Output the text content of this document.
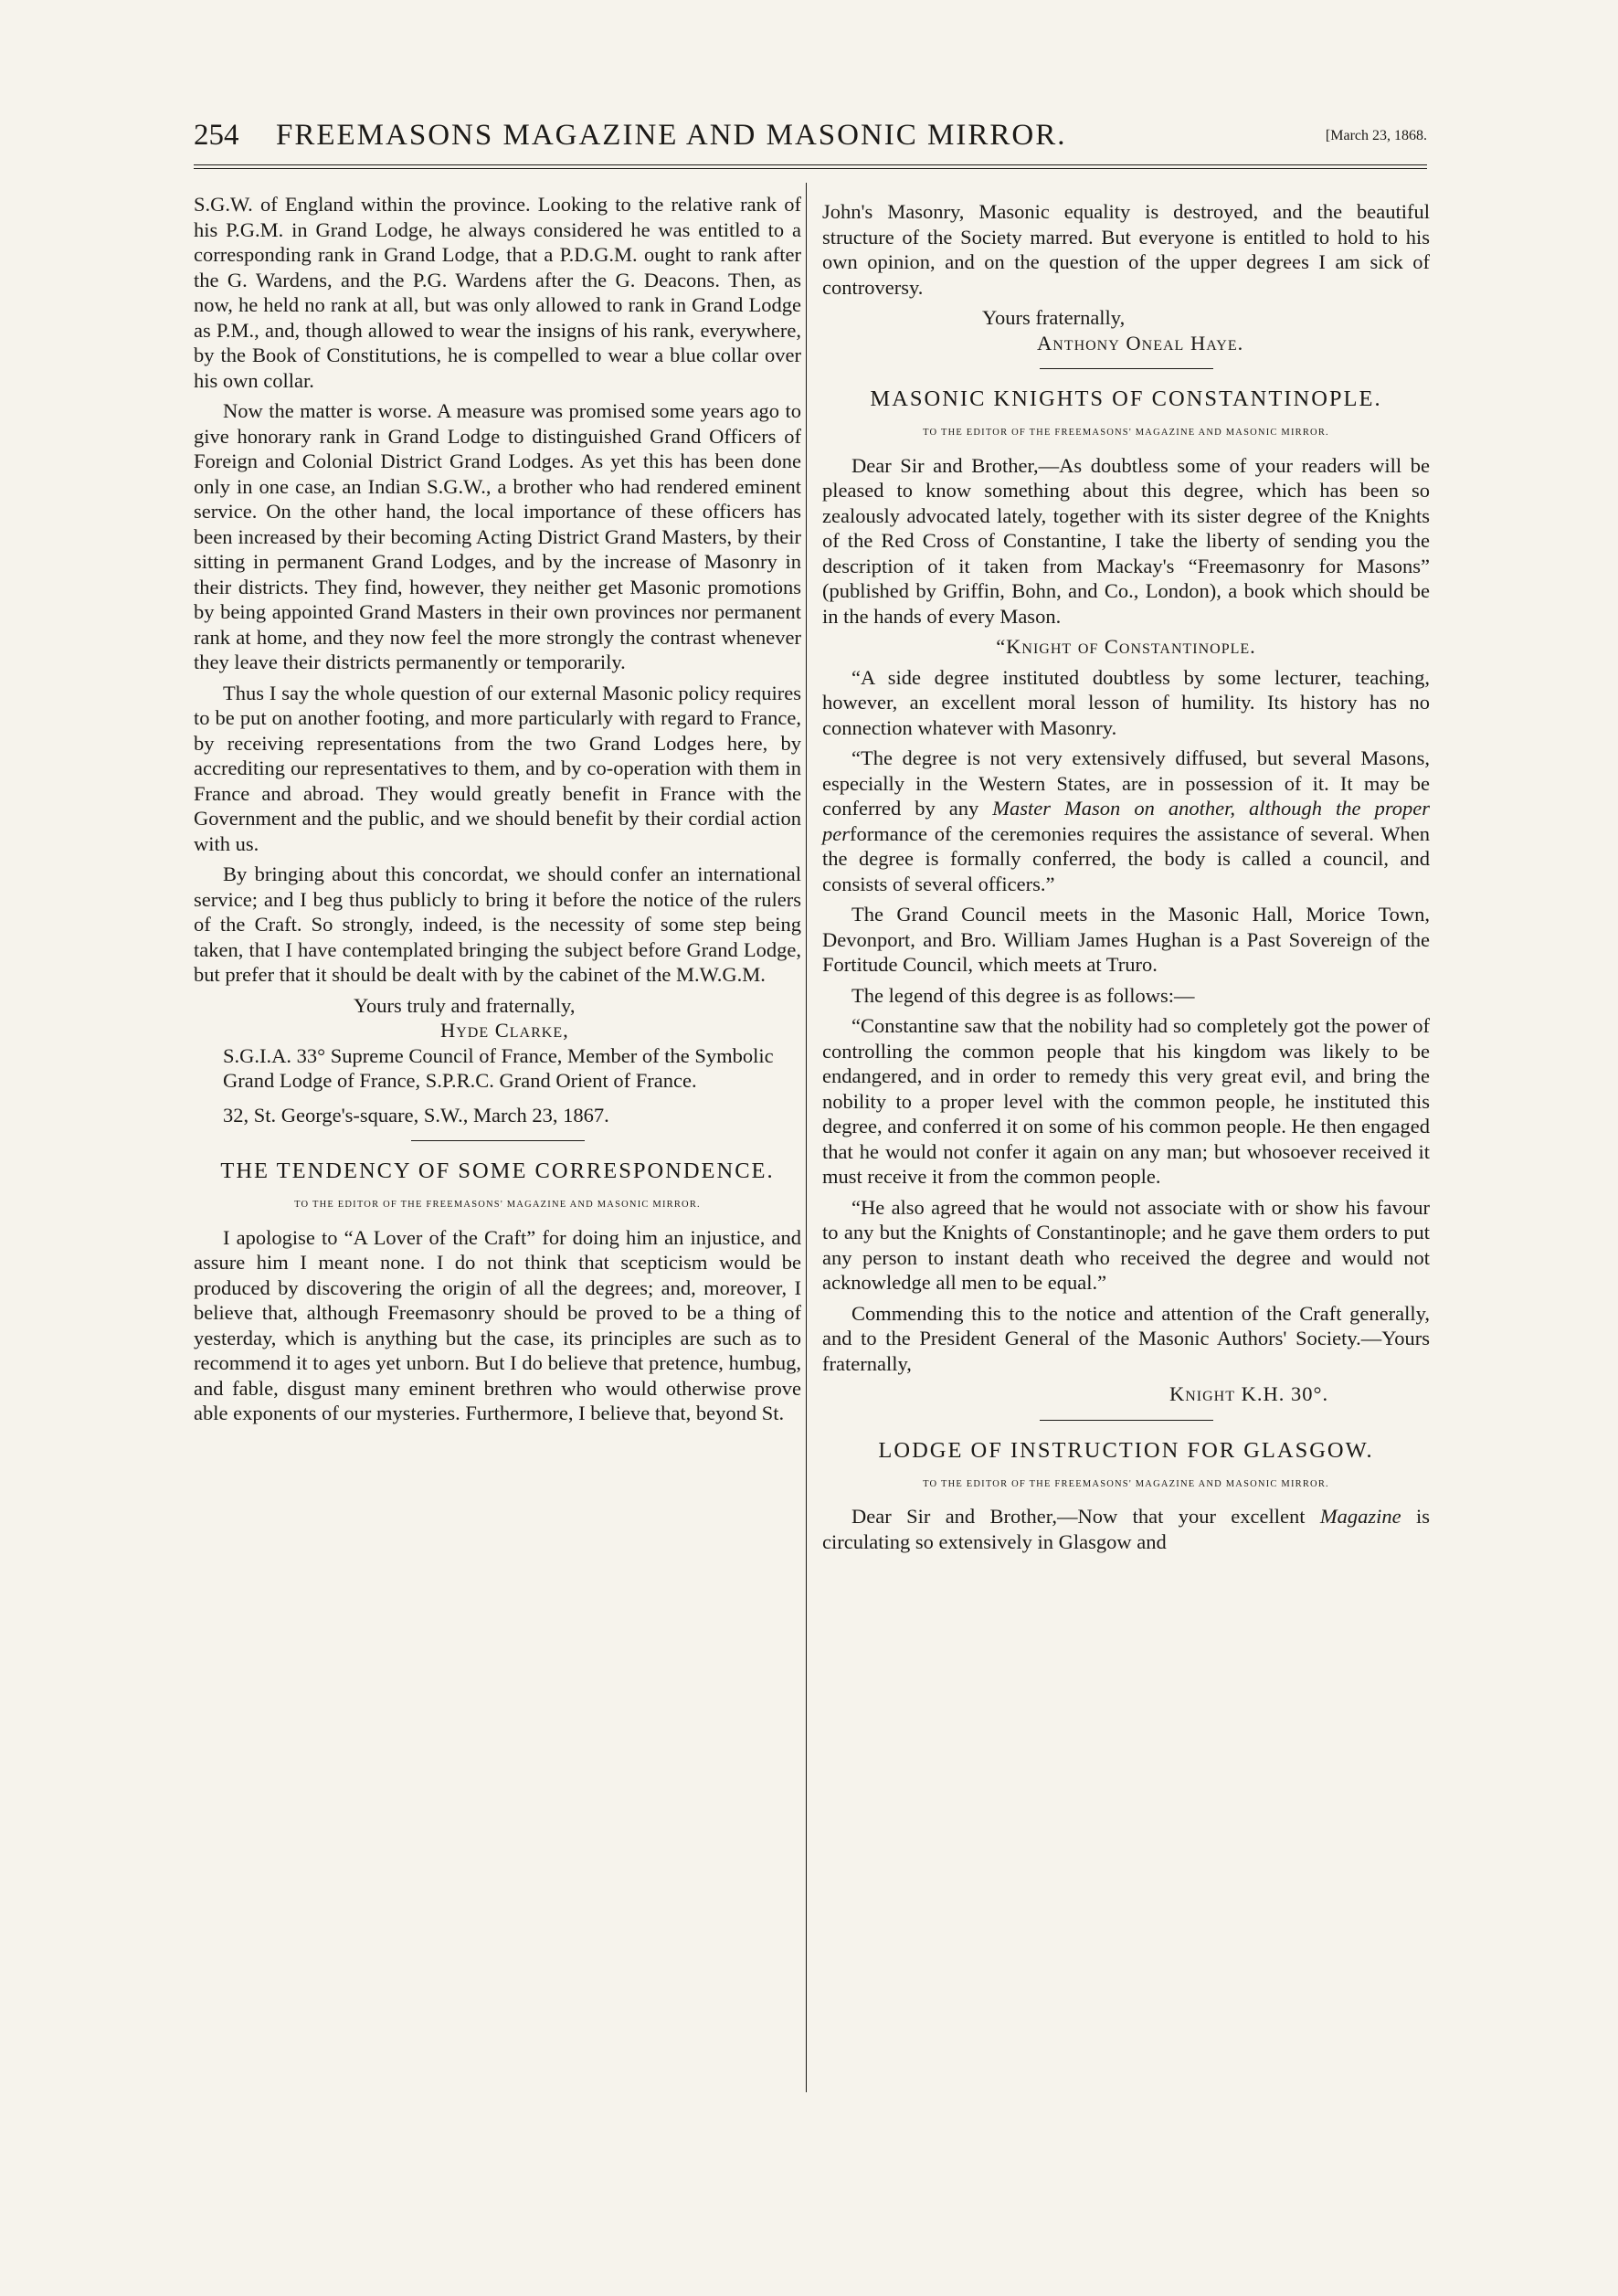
254 FREEMASONS MAGAZINE AND MASONIC MIRROR.	[March 23, 1868.

S.G.W. of England within the province. Looking to the relative rank of his P.G.M. in Grand Lodge, he always considered he was entitled to a corresponding rank in Grand Lodge, that a P.D.G.M. ought to rank after the G. Wardens, and the P.G. Wardens after the G. Deacons. Then, as now, he held no rank at all, but was only allowed to rank in Grand Lodge as P.M., and, though allowed to wear the insigns of his rank, everywhere, by the Book of Constitutions, he is compelled to wear a blue collar over his own collar.

Now the matter is worse. A measure was promised some years ago to give honorary rank in Grand Lodge to distinguished Grand Officers of Foreign and Colonial District Grand Lodges. As yet this has been done only in one case, an Indian S.G.W., a brother who had rendered eminent service. On the other hand, the local importance of these officers has been increased by their becoming Acting District Grand Masters, by their sitting in permanent Grand Lodges, and by the increase of Masonry in their districts. They find, however, they neither get Masonic promotions by being appointed Grand Masters in their own provinces nor permanent rank at home, and they now feel the more strongly the contrast whenever they leave their districts permanently or temporarily.

Thus I say the whole question of our external Masonic policy requires to be put on another footing, and more particularly with regard to France, by receiving representations from the two Grand Lodges here, by accrediting our representatives to them, and by co-operation with them in France and abroad. They would greatly benefit in France with the Government and the public, and we should benefit by their cordial action with us.

By bringing about this concordat, we should confer an international service; and I beg thus publicly to bring it before the notice of the rulers of the Craft. So strongly, indeed, is the necessity of some step being taken, that I have contemplated bringing the subject before Grand Lodge, but prefer that it should be dealt with by the cabinet of the M.W.G.M.

Yours truly and fraternally,

Hyde Clarke,

S.G.I.A. 33° Supreme Council of France, Member of the Symbolic Grand Lodge of France, S.P.R.C. Grand Orient of France.

32, St. George's-square, S.W., March 23, 1867.

THE TENDENCY OF SOME CORRESPONDENCE.
TO THE EDITOR OF THE FREEMASONS' MAGAZINE AND MASONIC MIRROR.

I apologise to “A Lover of the Craft” for doing him an injustice, and assure him I meant none. I do not think that scepticism would be produced by discovering the origin of all the degrees; and, moreover, I believe that, although Freemasonry should be proved to be a thing of yesterday, which is anything but the case, its principles are such as to recommend it to ages yet unborn. But I do believe that pretence, humbug, and fable, disgust many eminent brethren who would otherwise prove able exponents of our mysteries. Furthermore, I believe that, beyond St.

John's Masonry, Masonic equality is destroyed, and the beautiful structure of the Society marred. But everyone is entitled to hold to his own opinion, and on the question of the upper degrees I am sick of controversy.

Yours fraternally,

Anthony Oneal Haye.

MASONIC KNIGHTS OF CONSTANTINOPLE.
TO THE EDITOR OF THE FREEMASONS' MAGAZINE AND MASONIC MIRROR.

Dear Sir and Brother,—As doubtless some of your readers will be pleased to know something about this degree, which has been so zealously advocated lately, together with its sister degree of the Knights of the Red Cross of Constantine, I take the liberty of sending you the description of it taken from Mackay's “Freemasonry for Masons” (published by Griffin, Bohn, and Co., London), a book which should be in the hands of every Mason.

“Knight of Constantinople.

“A side degree instituted doubtless by some lecturer, teaching, however, an excellent moral lesson of humility. Its history has no connection whatever with Masonry.

“The degree is not very extensively diffused, but several Masons, especially in the Western States, are in possession of it. It may be conferred by any Master Mason on another, although the proper performance of the ceremonies requires the assistance of several. When the degree is formally conferred, the body is called a council, and consists of several officers.”

The Grand Council meets in the Masonic Hall, Morice Town, Devonport, and Bro. William James Hughan is a Past Sovereign of the Fortitude Council, which meets at Truro.

The legend of this degree is as follows:—

“Constantine saw that the nobility had so completely got the power of controlling the common people that his kingdom was likely to be endangered, and in order to remedy this very great evil, and bring the nobility to a proper level with the common people, he instituted this degree, and conferred it on some of his common people. He then engaged that he would not confer it again on any man; but whosoever received it must receive it from the common people.

“He also agreed that he would not associate with or show his favour to any but the Knights of Constantinople; and he gave them orders to put any person to instant death who received the degree and would not acknowledge all men to be equal.”

Commending this to the notice and attention of the Craft generally, and to the President General of the Masonic Authors' Society.—Yours fraternally,

Knight K.H. 30°.

LODGE OF INSTRUCTION FOR GLASGOW.
TO THE EDITOR OF THE FREEMASONS' MAGAZINE AND MASONIC MIRROR.

Dear Sir and Brother,—Now that your excellent Magazine is circulating so extensively in Glasgow and
